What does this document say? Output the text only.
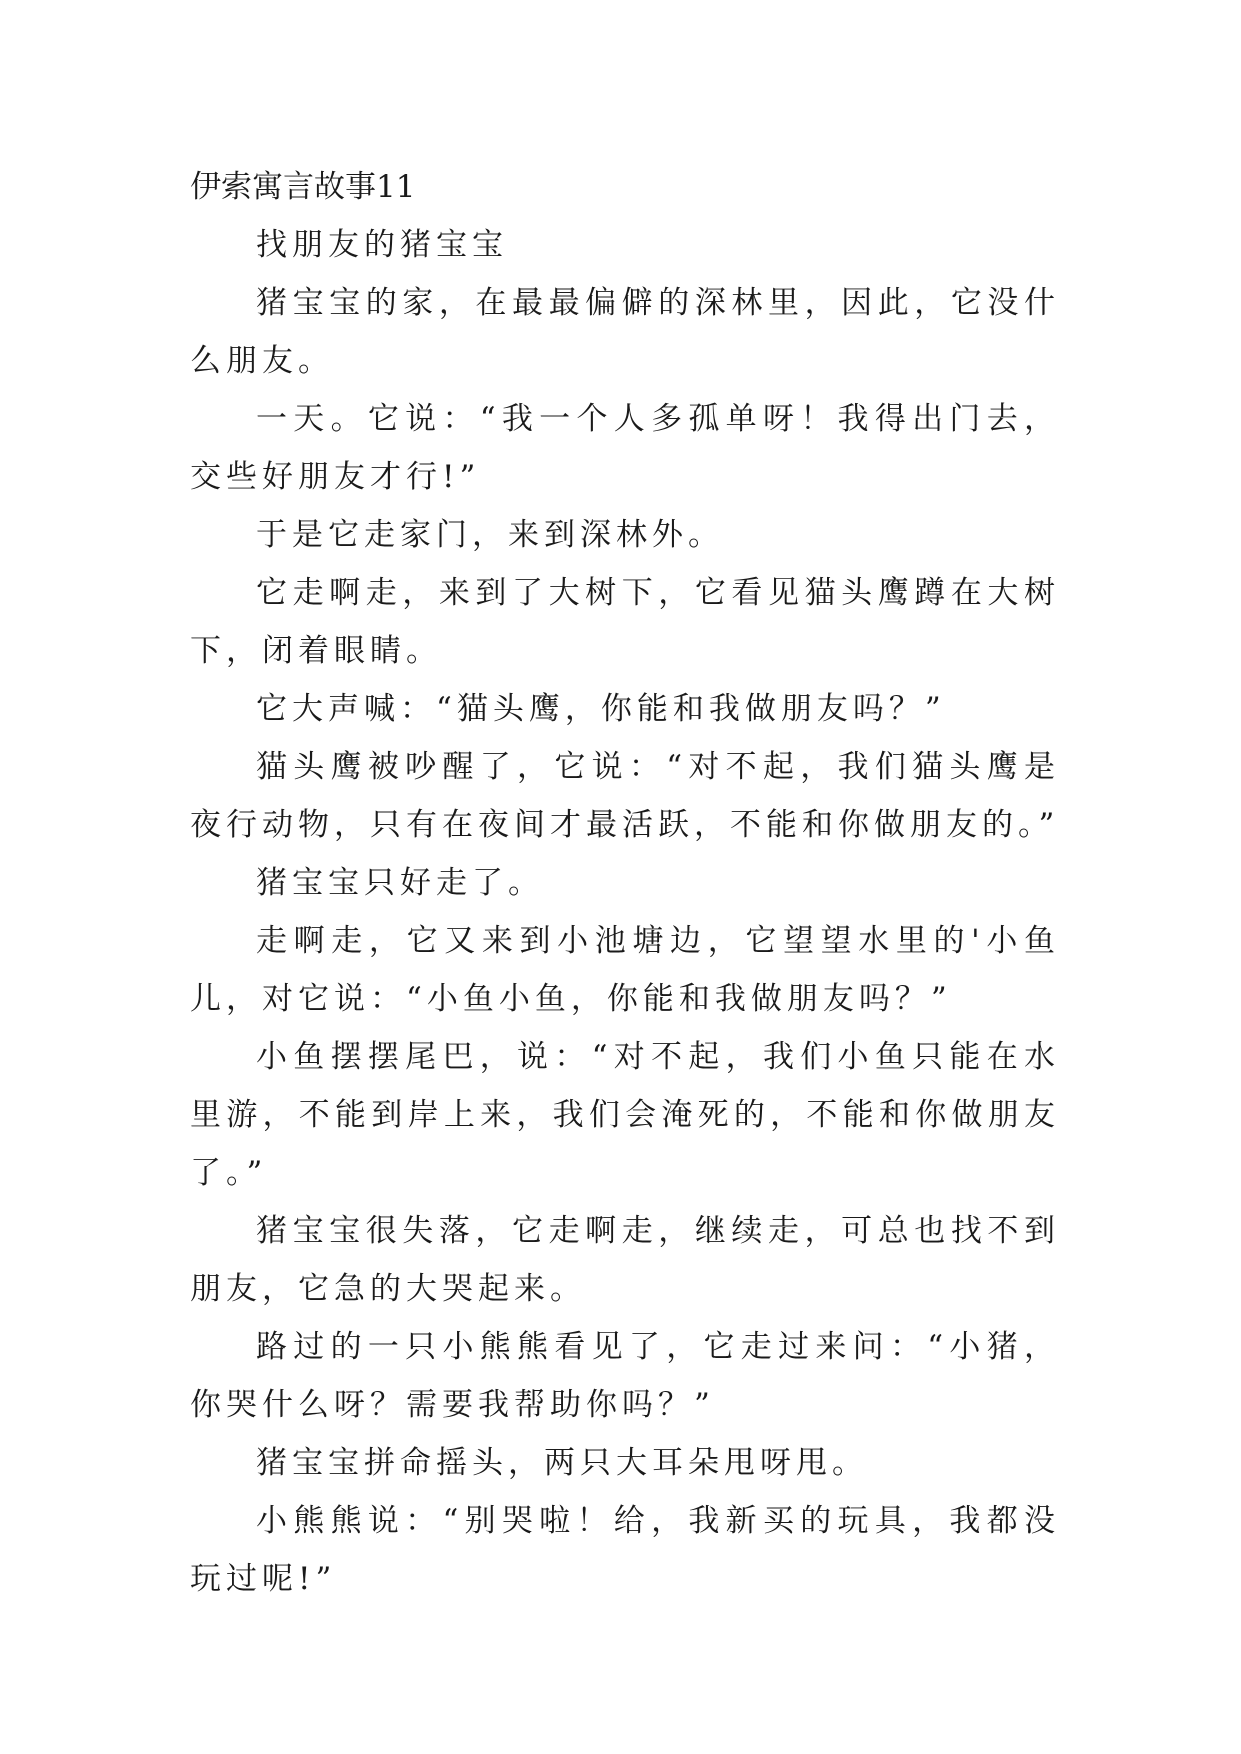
伊索寓言故事11

找朋友的猪宝宝

猪宝宝的家，在最最偏僻的深林里，因此，它没什么朋友。

一天。它说：“我一个人多孤单呀！我得出门去，交些好朋友才行!”

于是它走家门，来到深林外。

它走啊走，来到了大树下，它看见猫头鹰蹲在大树下，闭着眼睛。

它大声喊：“猫头鹰，你能和我做朋友吗？”

猫头鹰被吵醒了，它说：“对不起，我们猫头鹰是夜行动物，只有在夜间才最活跃，不能和你做朋友的。”

猪宝宝只好走了。

走啊走，它又来到小池塘边，它望望水里的'小鱼儿，对它说：“小鱼小鱼，你能和我做朋友吗？”

小鱼摆摆尾巴，说：“对不起，我们小鱼只能在水里游，不能到岸上来，我们会淹死的，不能和你做朋友了。”

猪宝宝很失落，它走啊走，继续走，可总也找不到朋友，它急的大哭起来。

路过的一只小熊熊看见了，它走过来问：“小猪，你哭什么呀？需要我帮助你吗？”

猪宝宝拼命摇头，两只大耳朵甩呀甩。

小熊熊说：“别哭啦！给，我新买的玩具，我都没玩过呢!”
